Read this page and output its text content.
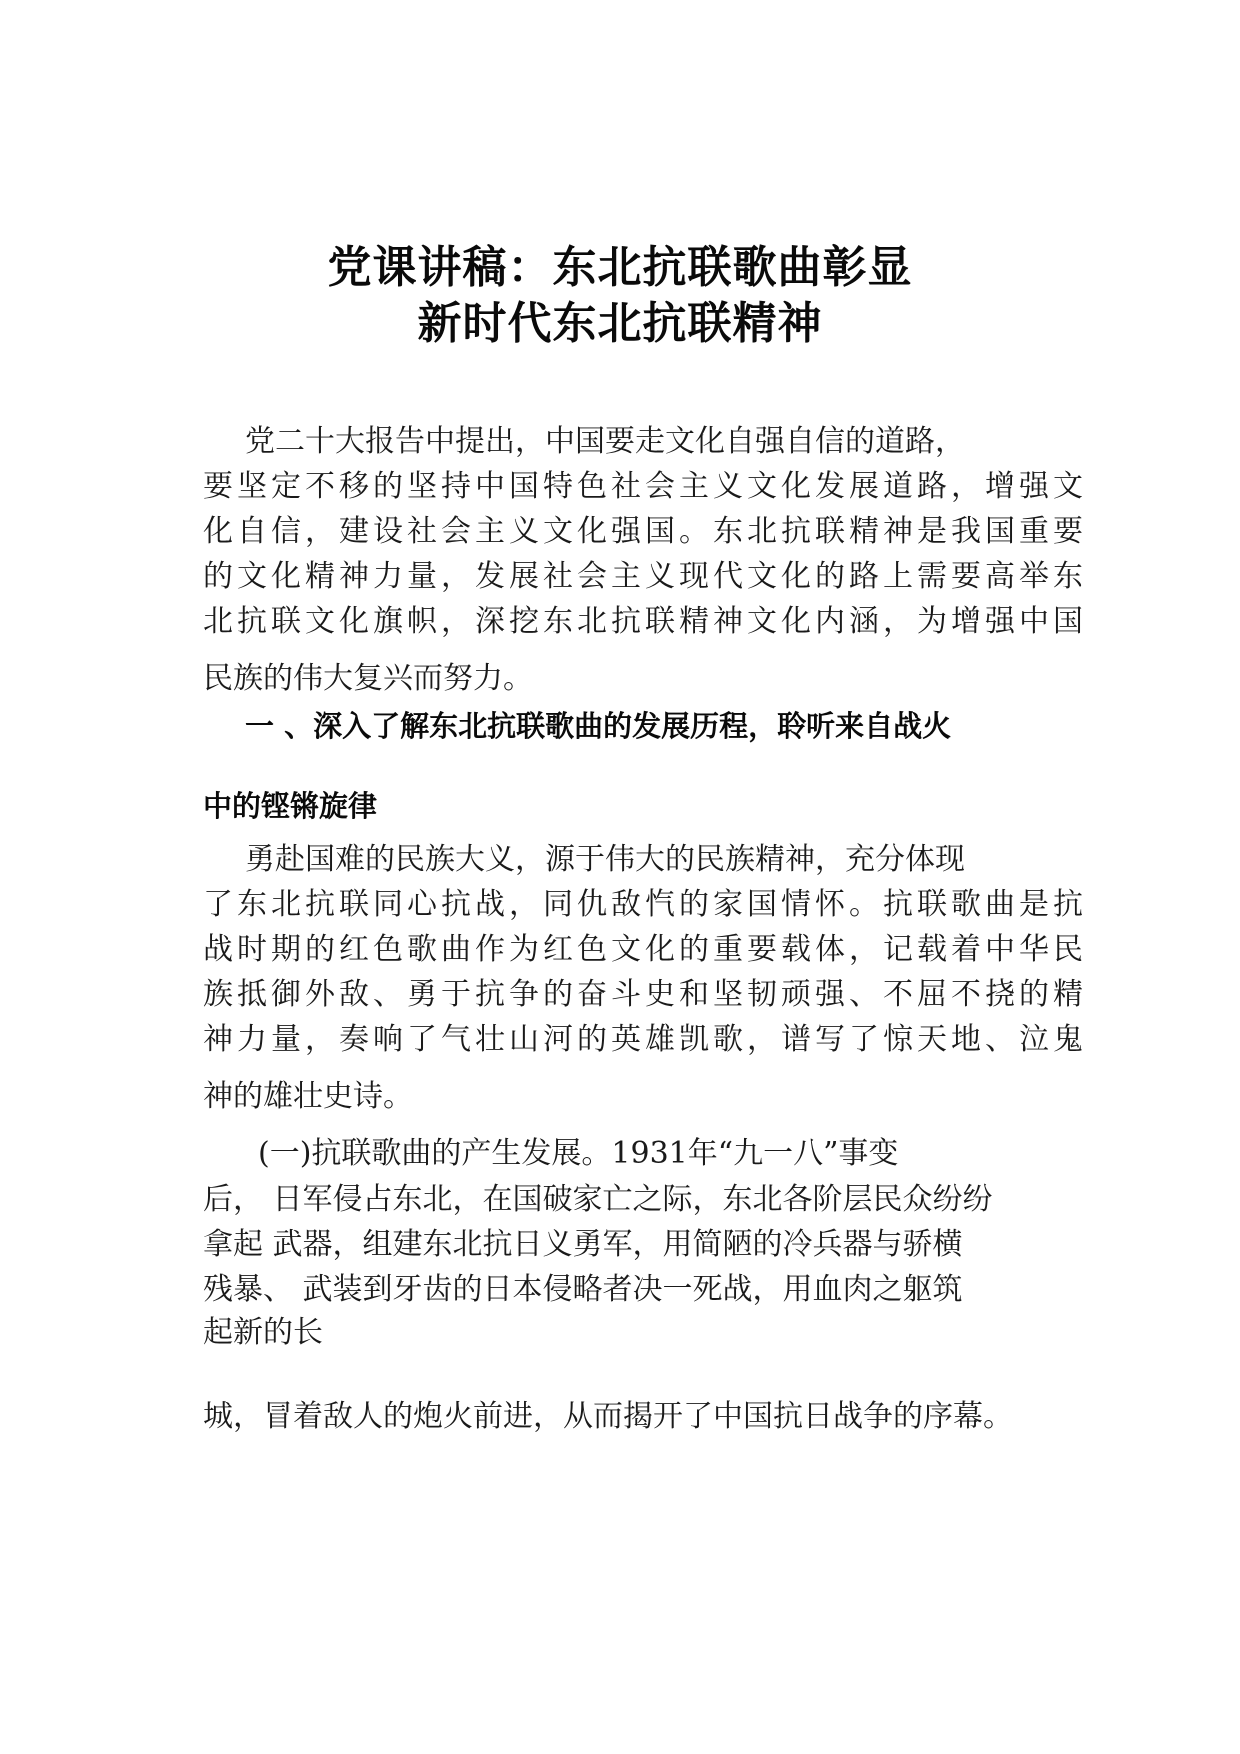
党课讲稿：东北抗联歌曲彰显
新时代东北抗联精神

党二十大报告中提出，中国要走文化自强自信的道路，

要坚定不移的坚持中国特色社会主义文化发展道路，增强文

化自信，建设社会主义文化强国。东北抗联精神是我国重要

的文化精神力量，发展社会主义现代文化的路上需要高举东

北抗联文化旗帜，深挖东北抗联精神文化内涵，为增强中国

民族的伟大复兴而努力。

一 、深入了解东北抗联歌曲的发展历程，聆听来自战火

中的铿锵旋律

勇赴国难的民族大义，源于伟大的民族精神，充分体现

了东北抗联同心抗战，同仇敌忾的家国情怀。抗联歌曲是抗

战时期的红色歌曲作为红色文化的重要载体，记载着中华民

族抵御外敌、勇于抗争的奋斗史和坚韧顽强、不屈不挠的精

神力量，奏响了气壮山河的英雄凯歌，谱写了惊天地、泣鬼

神的雄壮史诗。

(一)抗联歌曲的产生发展。1931年“九一八”事变

后， 日军侵占东北，在国破家亡之际，东北各阶层民众纷纷

拿起 武器，组建东北抗日义勇军，用简陋的冷兵器与骄横

残暴、 武装到牙齿的日本侵略者决一死战，用血肉之躯筑

起新的长

城，冒着敌人的炮火前进，从而揭开了中国抗日战争的序幕。
